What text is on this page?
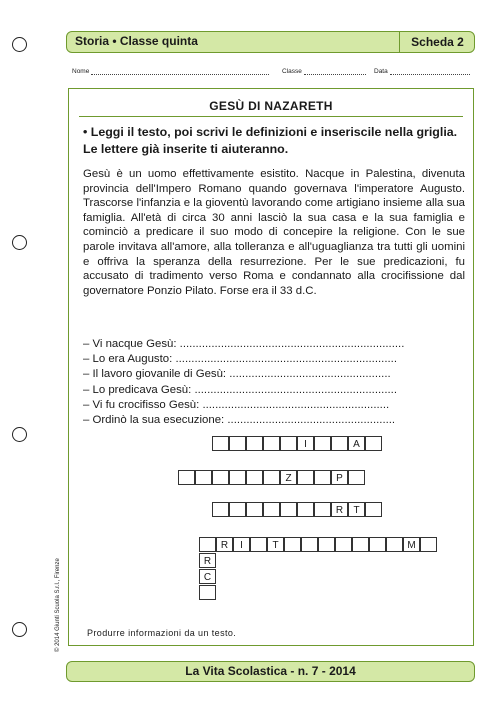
Storia • Classe quinta	Scheda 2
Nome	Classe	Data
GESÙ DI NAZARETH
• Leggi il testo, poi scrivi le definizioni e inseriscile nella griglia. Le lettere già inserite ti aiuteranno.
Gesù è un uomo effettivamente esistito. Nacque in Palestina, divenuta provincia dell'Impero Romano quando governava l'imperatore Augusto. Trascorse l'infanzia e la gioventù lavorando come artigiano insieme alla sua famiglia. All'età di circa 30 anni lasciò la sua casa e la sua famiglia e cominciò a predicare il suo modo di concepire la religione. Con le sue parole invitava all'amore, alla tolleranza e all'uguaglianza tra tutti gli uomini e offriva la speranza della resurrezione. Per le sue predicazioni, fu accusato di tradimento verso Roma e condannato alla crocifissione dal governatore Ponzio Pilato. Forse era il 33 d.C.
– Vi nacque Gesù: .......................................................................
– Lo era Augusto: ......................................................................
– Il lavoro giovanile di Gesù: ...................................................
– Lo predicava Gesù: ................................................................
– Vi fu crocifisso Gesù: ...........................................................
– Ordinò la sua esecuzione: .....................................................
I	A
Z	P
R	T
R	I	T	M
R
C
Produrre informazioni da un testo.
© 2014 Giunti Scuola S.r.l., Firenze
La Vita Scolastica - n. 7 - 2014
